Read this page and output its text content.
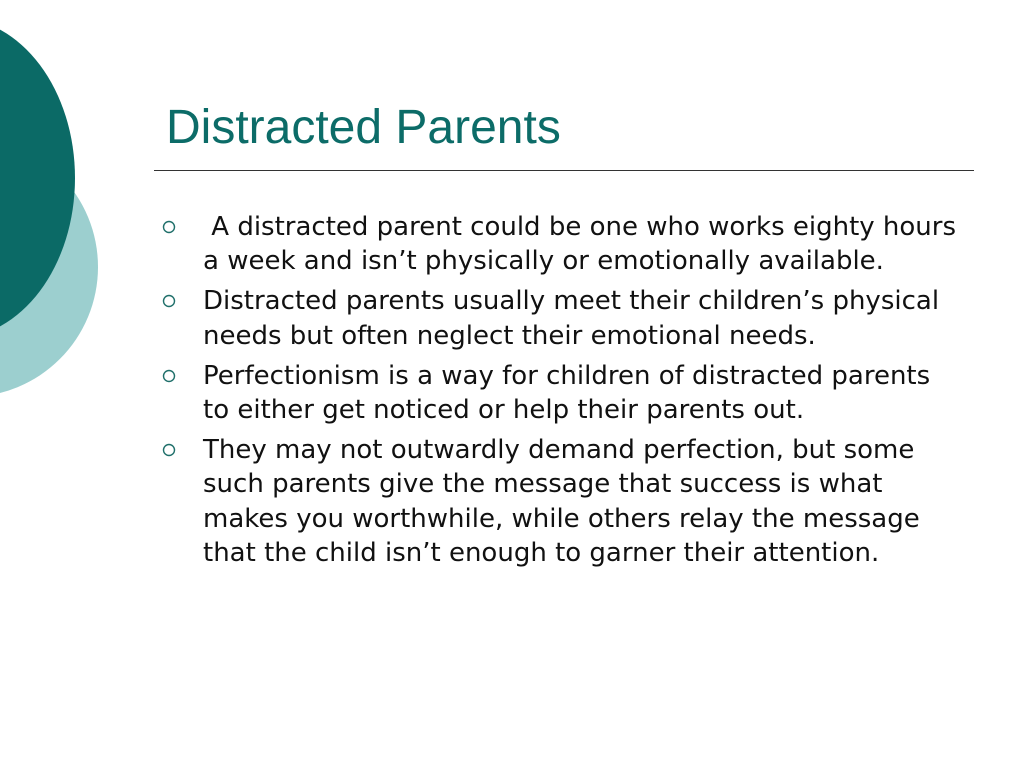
Distracted Parents
A distracted parent could be one who works eighty hours a week and isn’t physically or emotionally available.
Distracted parents usually meet their children’s physical needs but often neglect their emotional needs.
Perfectionism is a way for children of distracted parents to either get noticed or help their parents out.
They may not outwardly demand perfection, but some such parents give the message that success is what makes you worthwhile, while others relay the message that the child isn’t enough to garner their attention.
